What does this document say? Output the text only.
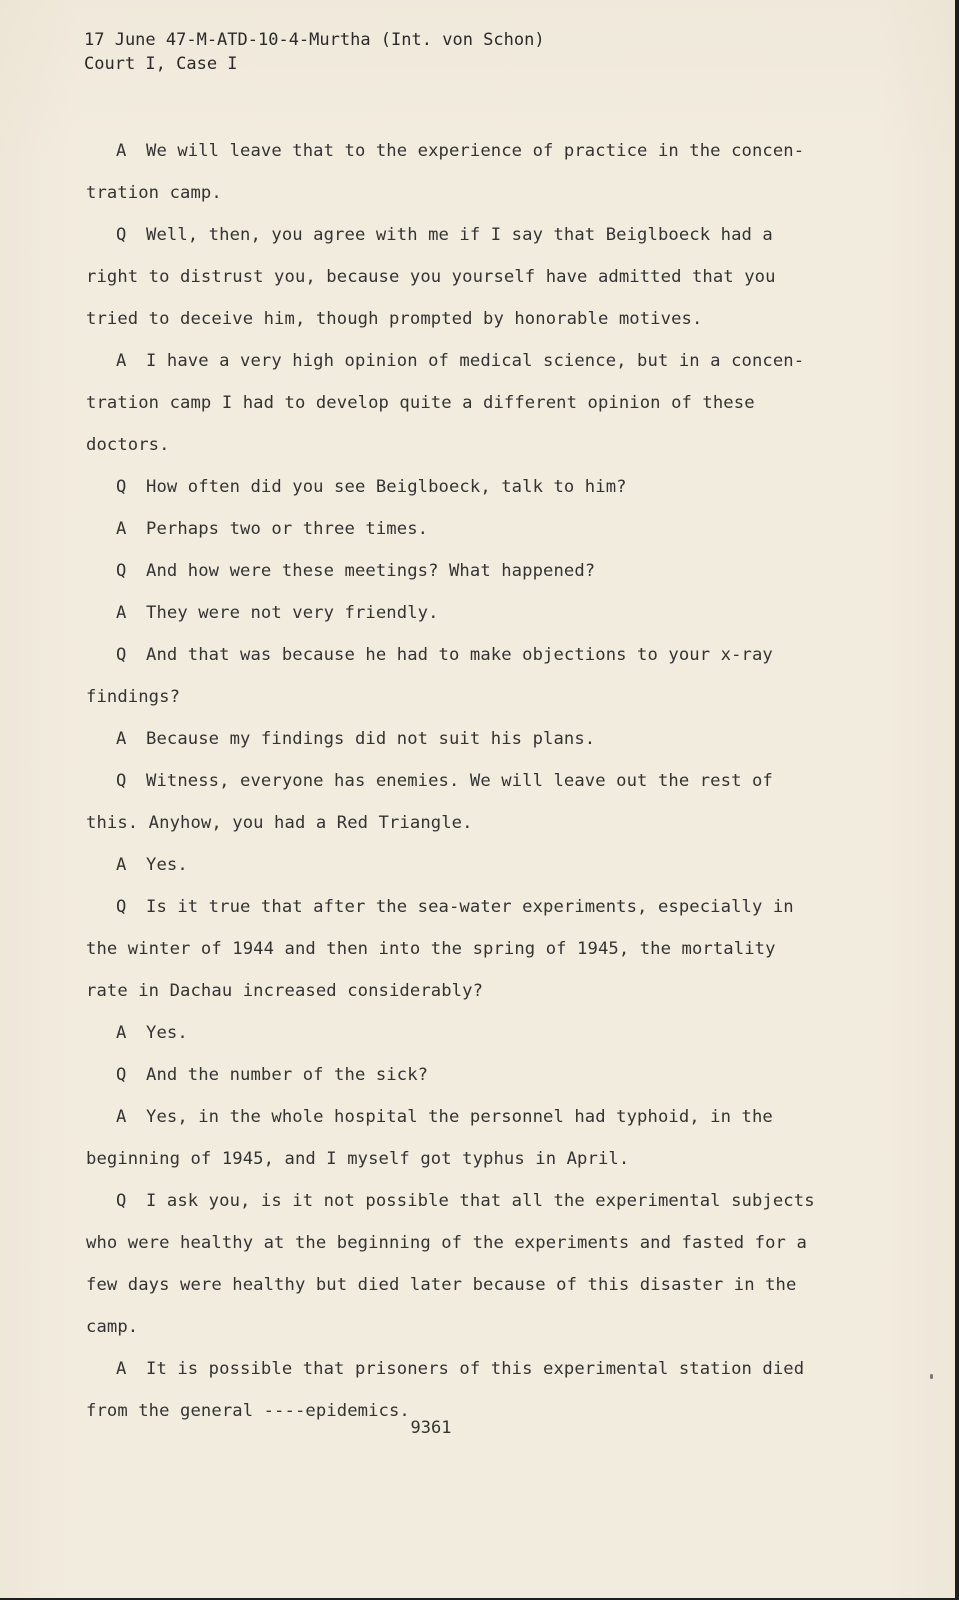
17 June 47-M-ATD-10-4-Murtha (Int. von Schon)
Court I, Case I

A We will leave that to the experience of practice in the concen-tration camp.

Q Well, then, you agree with me if I say that Beiglboeck had a right to distrust you, because you yourself have admitted that you tried to deceive him, though prompted by honorable motives.

A I have a very high opinion of medical science, but in a concen-tration camp I had to develop quite a different opinion of these doctors.

Q How often did you see Beiglboeck, talk to him?

A Perhaps two or three times.

Q And how were these meetings? What happened?

A They were not very friendly.

Q And that was because he had to make objections to your x-ray findings?

A Because my findings did not suit his plans.

Q Witness, everyone has enemies. We will leave out the rest of this. Anyhow, you had a Red Triangle.

A Yes.

Q Is it true that after the sea-water experiments, especially in the winter of 1944 and then into the spring of 1945, the mortality rate in Dachau increased considerably?

A Yes.

Q And the number of the sick?

A Yes, in the whole hospital the personnel had typhoid, in the beginning of 1945, and I myself got typhus in April.

Q I ask you, is it not possible that all the experimental subjects who were healthy at the beginning of the experiments and fasted for a few days were healthy but died later because of this disaster in the camp.

A It is possible that prisoners of this experimental station died from the general ----epidemics.

9361
